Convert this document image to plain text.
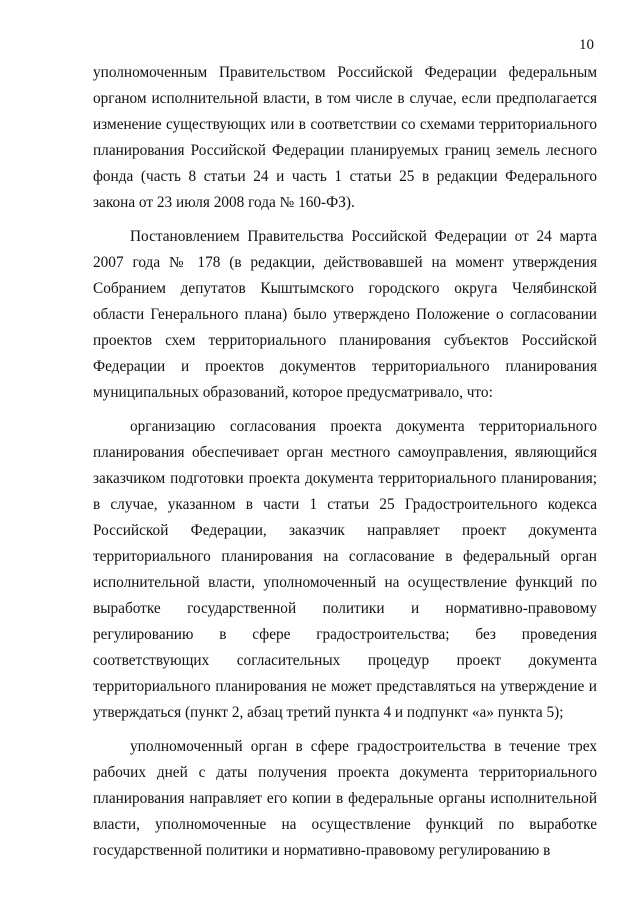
10

уполномоченным Правительством Российской Федерации федеральным органом исполнительной власти, в том числе в случае, если предполагается изменение существующих или в соответствии со схемами территориального планирования Российской Федерации планируемых границ земель лесного фонда (часть 8 статьи 24 и часть 1 статьи 25 в редакции Федерального закона от 23 июля 2008 года № 160-ФЗ).

Постановлением Правительства Российской Федерации от 24 марта 2007 года № 178 (в редакции, действовавшей на момент утверждения Собранием депутатов Кыштымского городского округа Челябинской области Генерального плана) было утверждено Положение о согласовании проектов схем территориального планирования субъектов Российской Федерации и проектов документов территориального планирования муниципальных образований, которое предусматривало, что:

организацию согласования проекта документа территориального планирования обеспечивает орган местного самоуправления, являющийся заказчиком подготовки проекта документа территориального планирования; в случае, указанном в части 1 статьи 25 Градостроительного кодекса Российской Федерации, заказчик направляет проект документа территориального планирования на согласование в федеральный орган исполнительной власти, уполномоченный на осуществление функций по выработке государственной политики и нормативно-правовому регулированию в сфере градостроительства; без проведения соответствующих согласительных процедур проект документа территориального планирования не может представляться на утверждение и утверждаться (пункт 2, абзац третий пункта 4 и подпункт «а» пункта 5);

уполномоченный орган в сфере градостроительства в течение трех рабочих дней с даты получения проекта документа территориального планирования направляет его копии в федеральные органы исполнительной власти, уполномоченные на осуществление функций по выработке государственной политики и нормативно-правовому регулированию в
